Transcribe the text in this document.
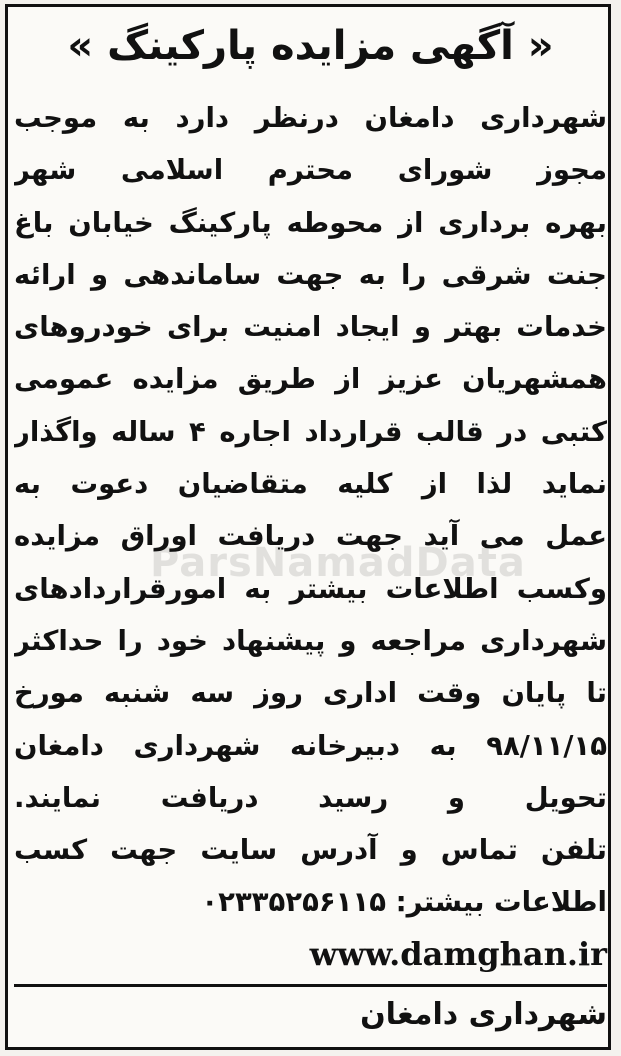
« آگهی مزایده پارکینگ »
شهرداری دامغان درنظر دارد به موجب
مجوز شورای محترم اسلامی شهر
بهره برداری از محوطه پارکینگ خیابان باغ
جنت شرقی را به جهت ساماندهی و ارائه
خدمات بهتر و ایجاد امنیت برای خودروهای
همشهریان عزیز از طریق مزایده عمومی
کتبی در قالب قرارداد اجاره ۴ ساله واگذار
نماید لذا از کلیه متقاضیان دعوت به
عمل می آید جهت دریافت اوراق مزایده
وکسب اطلاعات بیشتر به امورقراردادهای
شهرداری مراجعه و پیشنهاد خود را حداکثر
تا پایان وقت اداری روز سه شنبه مورخ
۹۸/۱۱/۱۵ به دبیرخانه شهرداری دامغان
تحویل و رسید دریافت نمایند.
تلفن تماس و آدرس سایت جهت کسب
اطلاعات بیشتر: ۰۲۳۳۵۲۵۶۱۱۵
www.damghan.ir
شهرداری دامغان
